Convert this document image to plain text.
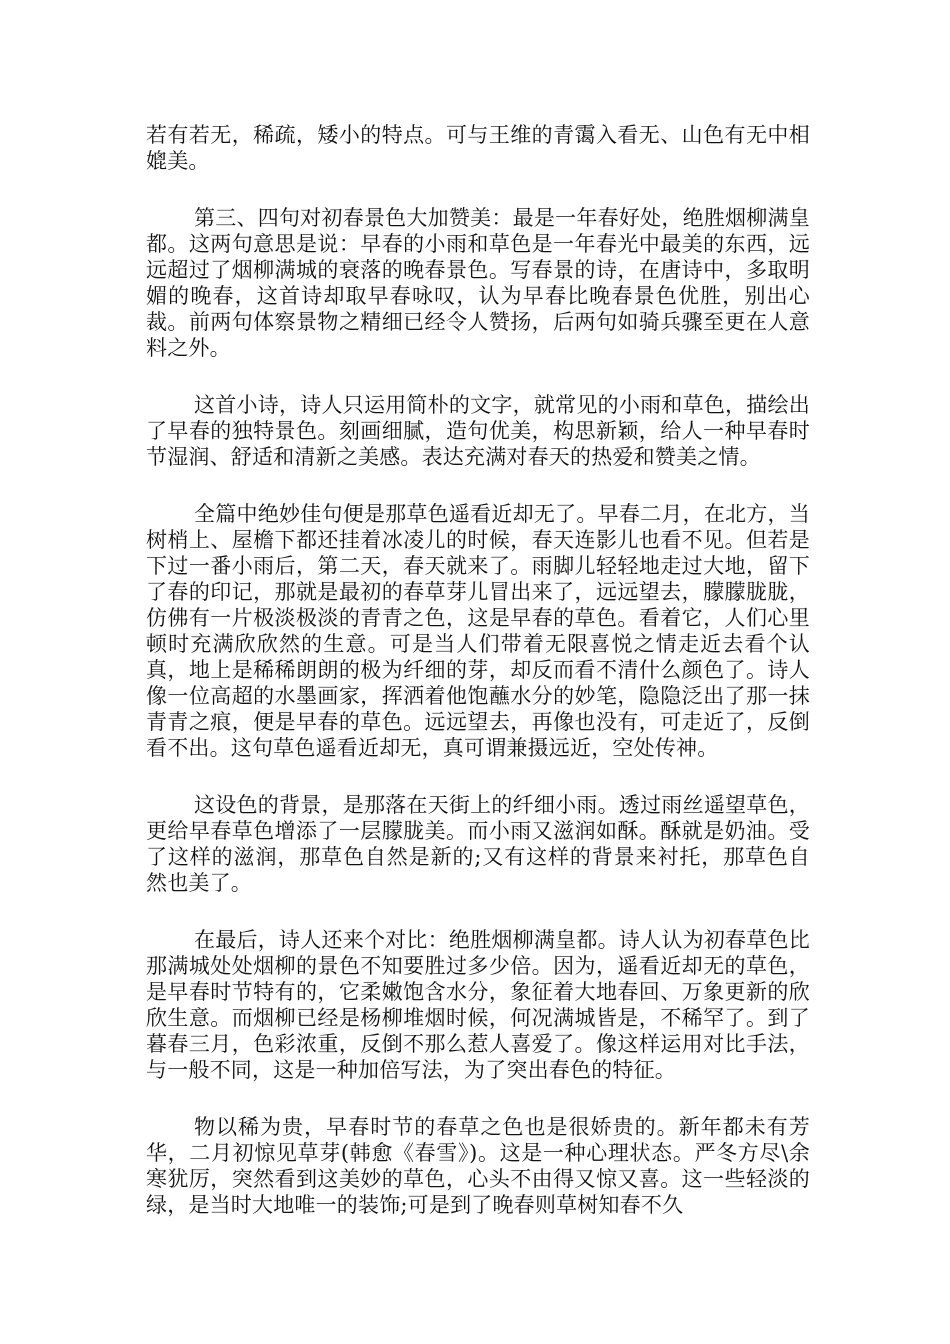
若有若无，稀疏，矮小的特点。可与王维的青霭入看无、山色有无中相媲美。

第三、四句对初春景色大加赞美：最是一年春好处，绝胜烟柳满皇都。这两句意思是说：早春的小雨和草色是一年春光中最美的东西，远远超过了烟柳满城的衰落的晚春景色。写春景的诗，在唐诗中，多取明媚的晚春，这首诗却取早春咏叹，认为早春比晚春景色优胜，别出心裁。前两句体察景物之精细已经令人赞扬，后两句如骑兵骤至更在人意料之外。

这首小诗，诗人只运用简朴的文字，就常见的小雨和草色，描绘出了早春的独特景色。刻画细腻，造句优美，构思新颖，给人一种早春时节湿润、舒适和清新之美感。表达充满对春天的热爱和赞美之情。

全篇中绝妙佳句便是那草色遥看近却无了。早春二月，在北方，当树梢上、屋檐下都还挂着冰凌儿的时候，春天连影儿也看不见。但若是下过一番小雨后，第二天，春天就来了。雨脚儿轻轻地走过大地，留下了春的印记，那就是最初的春草芽儿冒出来了，远远望去，朦朦胧胧，仿佛有一片极淡极淡的青青之色，这是早春的草色。看着它，人们心里顿时充满欣欣然的生意。可是当人们带着无限喜悦之情走近去看个认真，地上是稀稀朗朗的极为纤细的芽，却反而看不清什么颜色了。诗人像一位高超的水墨画家，挥洒着他饱蘸水分的妙笔，隐隐泛出了那一抹青青之痕，便是早春的草色。远远望去，再像也没有，可走近了，反倒看不出。这句草色遥看近却无，真可谓兼摄远近，空处传神。

这设色的背景，是那落在天街上的纤细小雨。透过雨丝遥望草色，更给早春草色增添了一层朦胧美。而小雨又滋润如酥。酥就是奶油。受了这样的滋润，那草色自然是新的;又有这样的背景来衬托，那草色自然也美了。

在最后，诗人还来个对比：绝胜烟柳满皇都。诗人认为初春草色比那满城处处烟柳的景色不知要胜过多少倍。因为，遥看近却无的草色，是早春时节特有的，它柔嫩饱含水分，象征着大地春回、万象更新的欣欣生意。而烟柳已经是杨柳堆烟时候，何况满城皆是，不稀罕了。到了暮春三月，色彩浓重，反倒不那么惹人喜爱了。像这样运用对比手法，与一般不同，这是一种加倍写法，为了突出春色的特征。

物以稀为贵，早春时节的春草之色也是很娇贵的。新年都未有芳华，二月初惊见草芽(韩愈《春雪》)。这是一种心理状态。严冬方尽\余寒犹厉，突然看到这美妙的草色，心头不由得又惊又喜。这一些轻淡的绿，是当时大地唯一的装饰;可是到了晚春则草树知春不久
